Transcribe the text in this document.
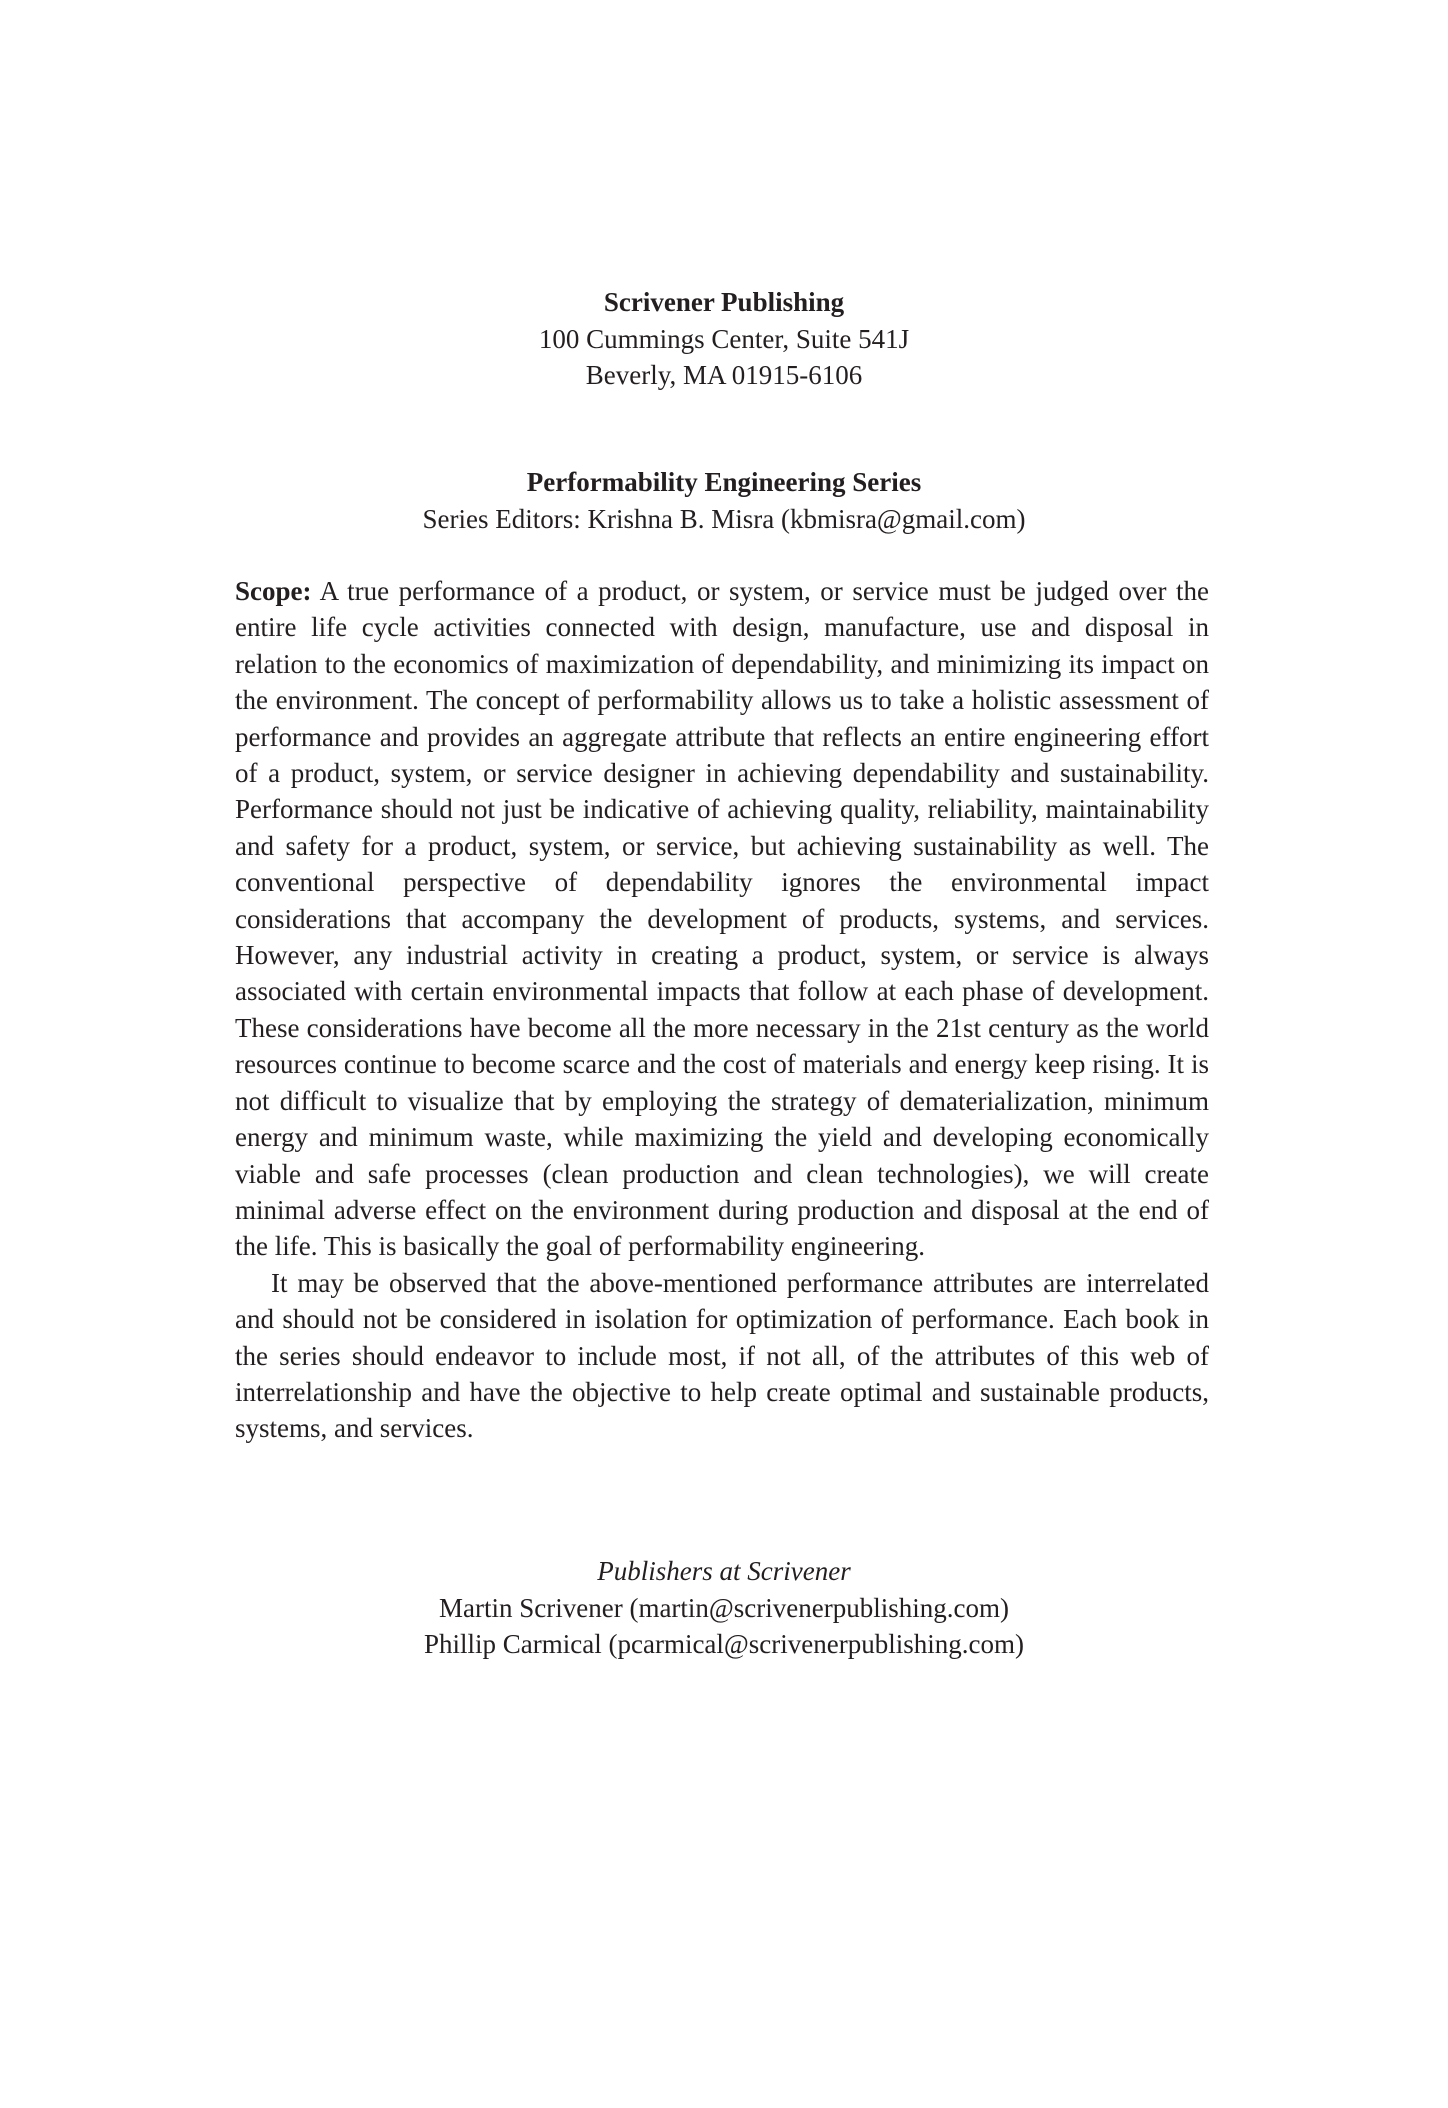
Scrivener Publishing
100 Cummings Center, Suite 541J
Beverly, MA 01915-6106
Performability Engineering Series
Series Editors: Krishna B. Misra (kbmisra@gmail.com)

Scope: A true performance of a product, or system, or service must be judged over the entire life cycle activities connected with design, manufacture, use and disposal in relation to the economics of maximization of dependability, and minimizing its impact on the environment. The concept of performability allows us to take a holistic assessment of performance and provides an aggregate attribute that reflects an entire engineering effort of a product, system, or service designer in achieving dependability and sustainability. Performance should not just be indicative of achieving quality, reliability, maintainability and safety for a product, system, or service, but achieving sustainability as well. The conventional perspective of dependability ignores the environmental impact considerations that accompany the development of products, systems, and services. However, any industrial activity in creating a product, system, or service is always associated with certain environmental impacts that follow at each phase of development. These considerations have become all the more necessary in the 21st century as the world resources continue to become scarce and the cost of materials and energy keep rising. It is not difficult to visualize that by employing the strategy of dematerialization, minimum energy and minimum waste, while maximizing the yield and developing economically viable and safe processes (clean production and clean technologies), we will create minimal adverse effect on the environment during production and disposal at the end of the life. This is basically the goal of performability engineering.

It may be observed that the above-mentioned performance attributes are interrelated and should not be considered in isolation for optimization of performance. Each book in the series should endeavor to include most, if not all, of the attributes of this web of interrelationship and have the objective to help create optimal and sustainable products, systems, and services.

Publishers at Scrivener
Martin Scrivener (martin@scrivenerpublishing.com)
Phillip Carmical (pcarmical@scrivenerpublishing.com)
